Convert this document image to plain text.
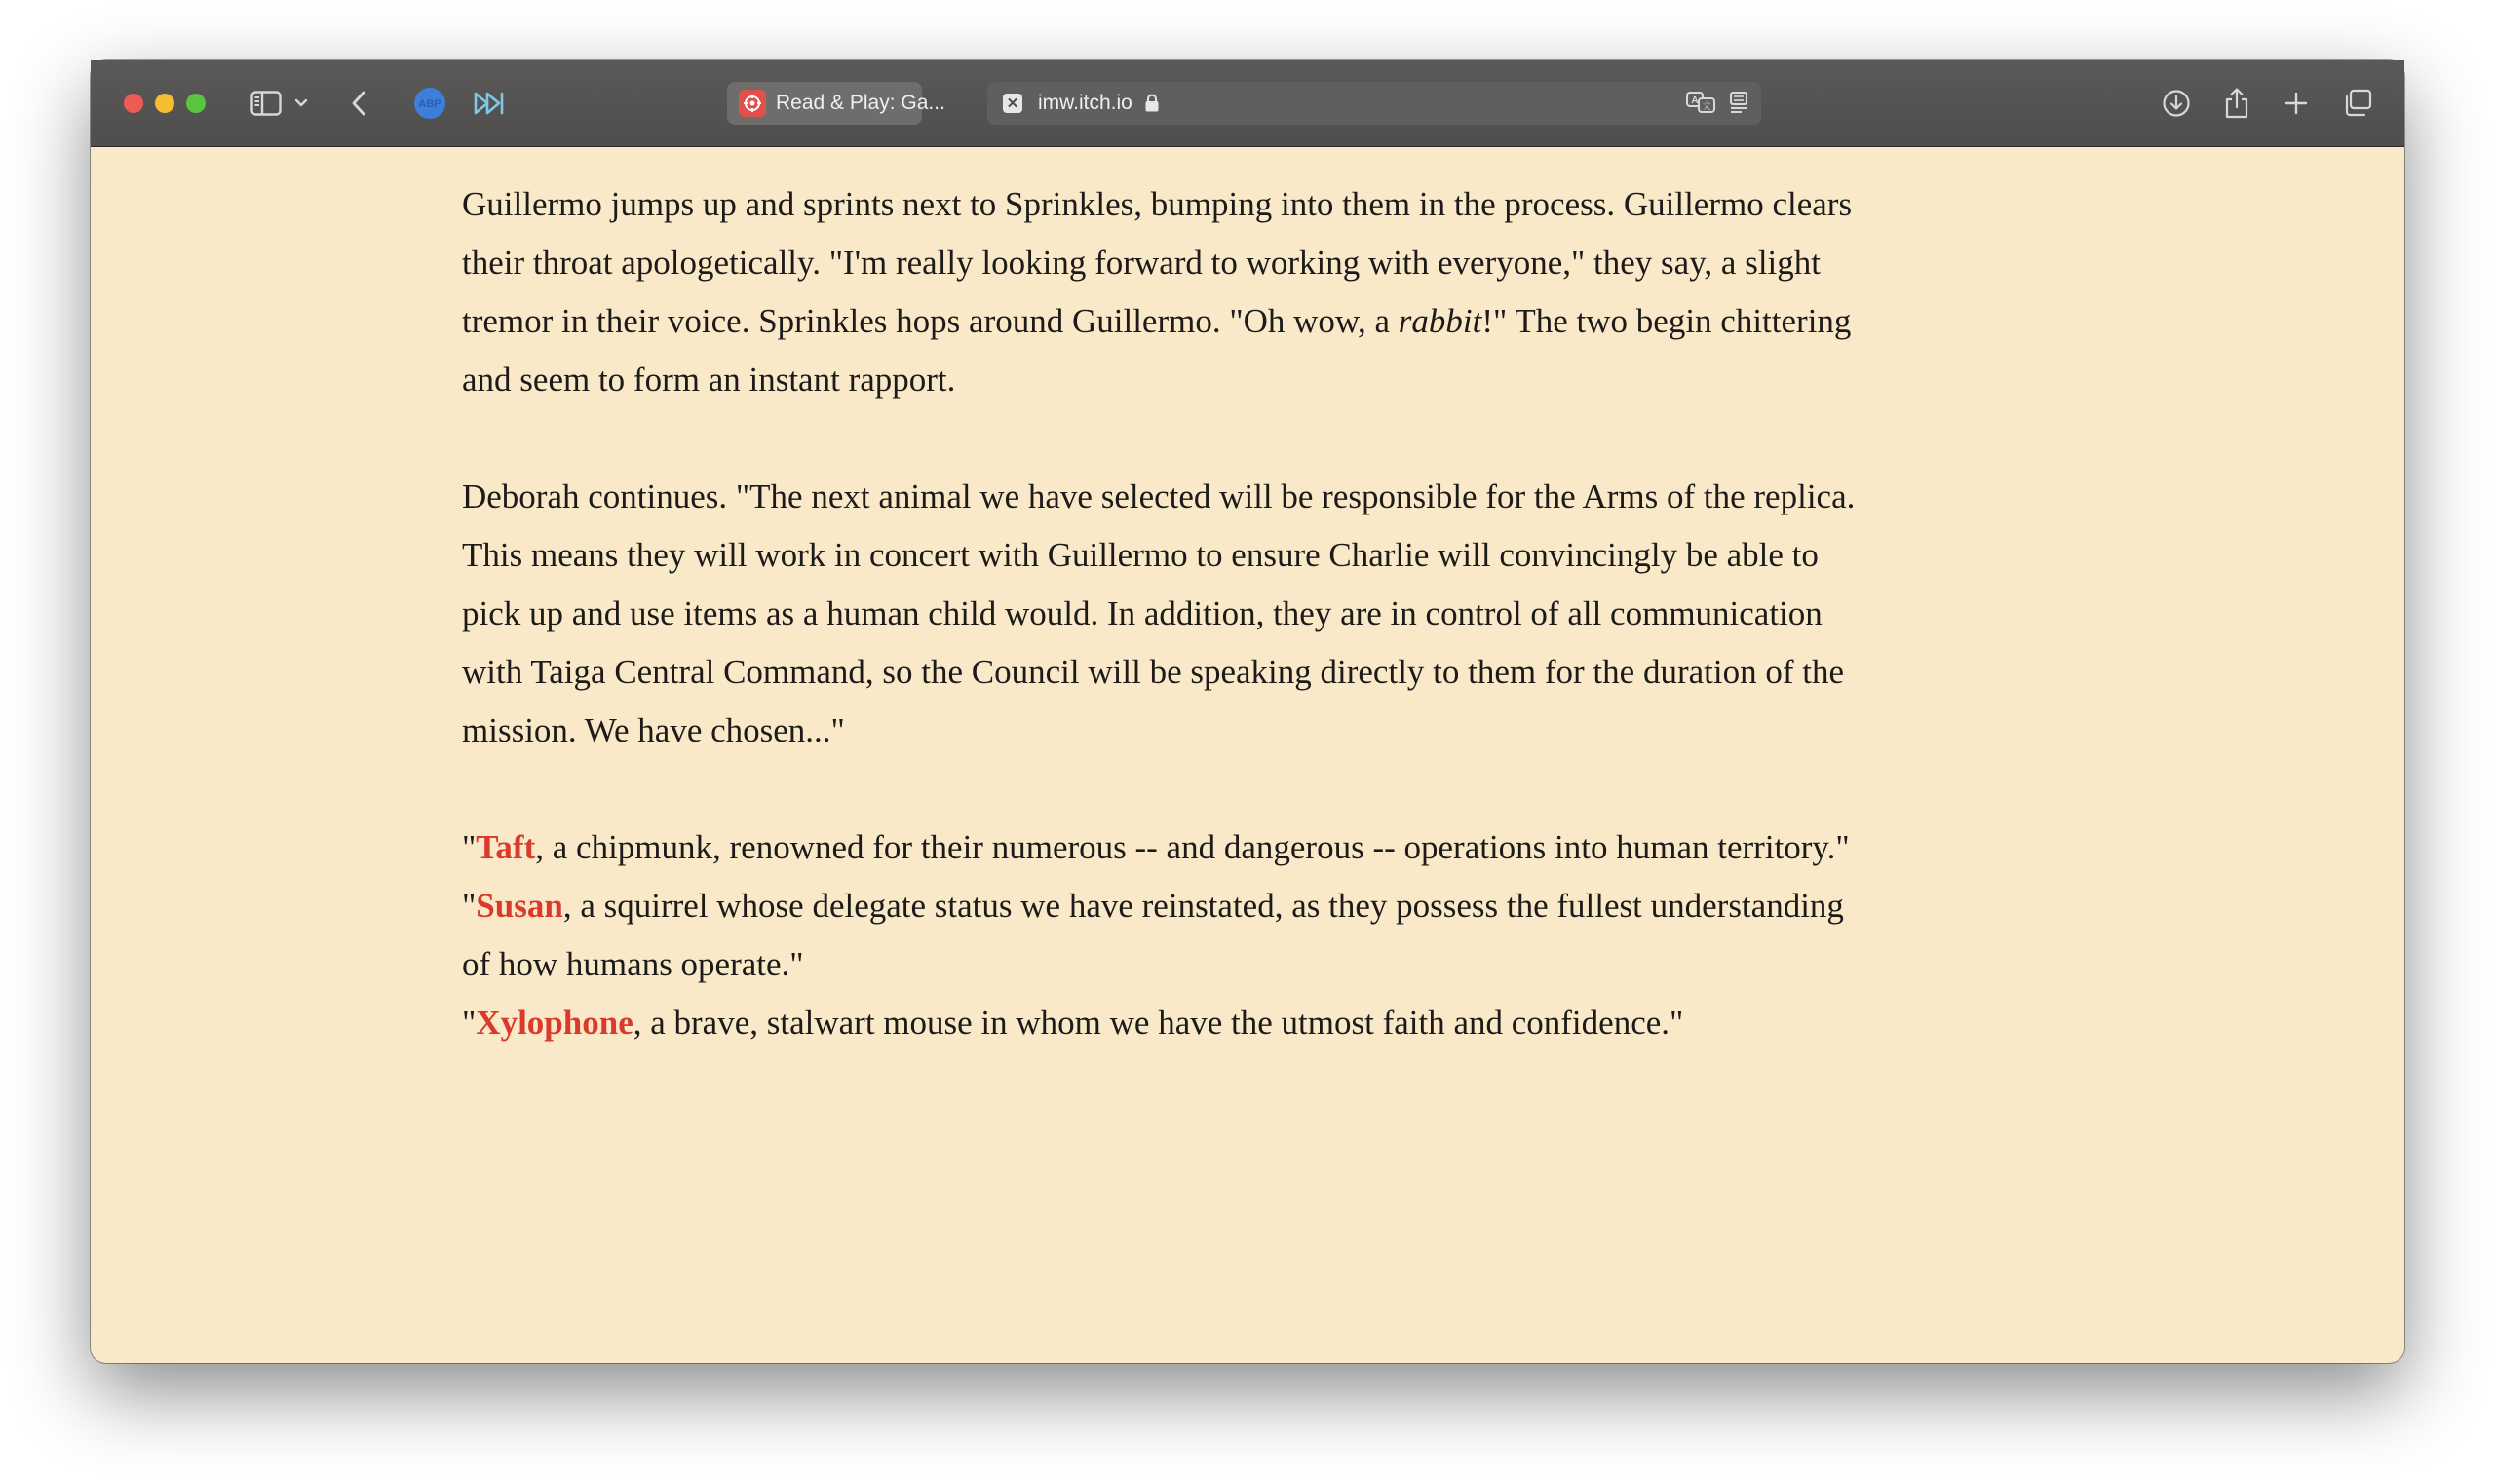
ABP	Read & Play: Ga...	✕ imw.itch.io	A
文

Guillermo jumps up and sprints next to Sprinkles, bumping into them in the process. Guillermo clears their throat apologetically. "I'm really looking forward to working with everyone," they say, a slight tremor in their voice. Sprinkles hops around Guillermo. "Oh wow, a rabbit!" The two begin chittering and seem to form an instant rapport.

Deborah continues. "The next animal we have selected will be responsible for the Arms of the replica. This means they will work in concert with Guillermo to ensure Charlie will convincingly be able to pick up and use items as a human child would. In addition, they are in control of all communication with Taiga Central Command, so the Council will be speaking directly to them for the duration of the mission. We have chosen..."

"Taft, a chipmunk, renowned for their numerous -- and dangerous -- operations into human territory."

"Susan, a squirrel whose delegate status we have reinstated, as they possess the fullest understanding of how humans operate."

"Xylophone, a brave, stalwart mouse in whom we have the utmost faith and confidence."
